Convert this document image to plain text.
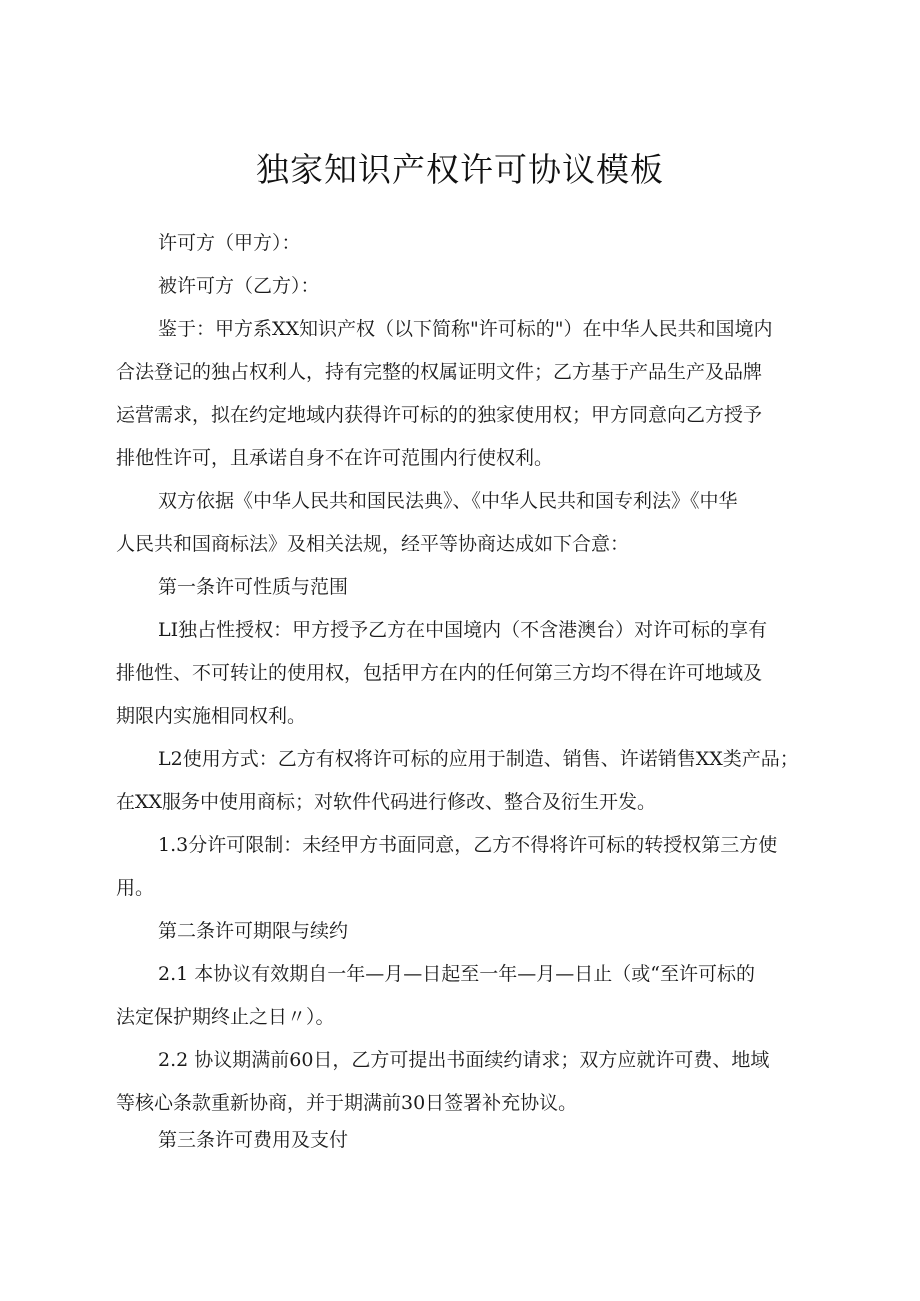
独家知识产权许可协议模板

许可方（甲方）：

被许可方（乙方）：

鉴于：甲方系XX知识产权（以下简称"许可标的"）在中华人民共和国境内
合法登记的独占权利人，持有完整的权属证明文件；乙方基于产品生产及品牌
运营需求，拟在约定地域内获得许可标的的独家使用权；甲方同意向乙方授予
排他性许可，且承诺自身不在许可范围内行使权利。
双方依据《中华人民共和国民法典》、《中华人民共和国专利法》《中华
人民共和国商标法》及相关法规，经平等协商达成如下合意：

第一条许可性质与范围

LI独占性授权：甲方授予乙方在中国境内（不含港澳台）对许可标的享有
排他性、不可转让的使用权，包括甲方在内的任何第三方均不得在许可地域及
期限内实施相同权利。
L2使用方式：乙方有权将许可标的应用于制造、销售、许诺销售XX类产品；
在XX服务中使用商标；对软件代码进行修改、整合及衍生开发。
1.3分许可限制：未经甲方书面同意，乙方不得将许可标的转授权第三方使
用。

第二条许可期限与续约

2.1 本协议有效期自一年—月—日起至一年—月—日止（或“至许可标的
法定保护期终止之日〃）。
2.2 协议期满前60日，乙方可提出书面续约请求；双方应就许可费、地域
等核心条款重新协商，并于期满前30日签署补充协议。

第三条许可费用及支付
